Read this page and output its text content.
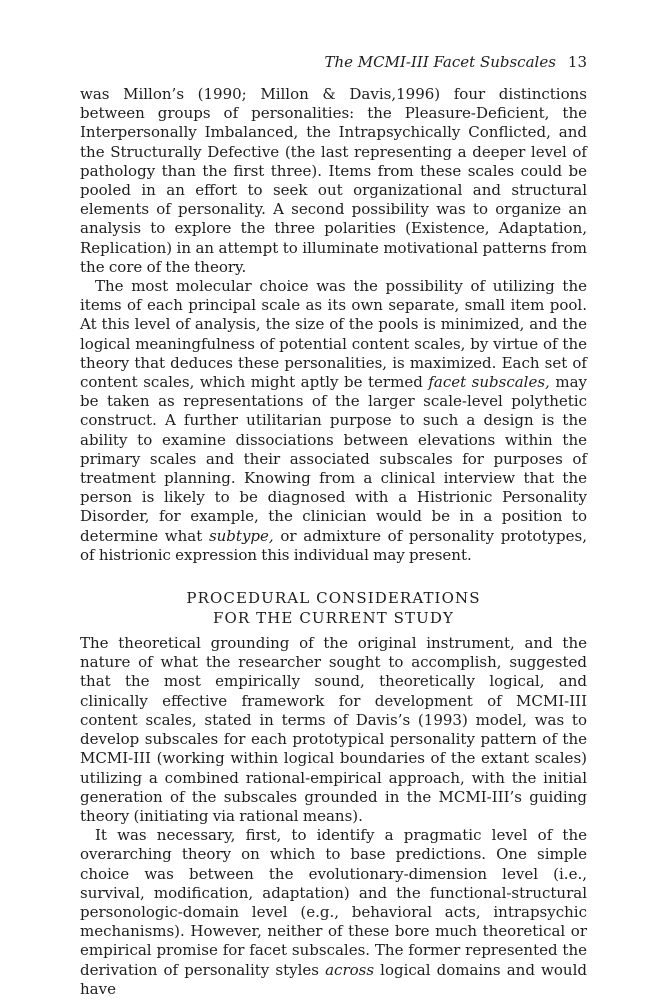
The MCMI-III Facet Subscales 13

was Millon’s (1990; Millon & Davis,1996) four distinctions between groups of personalities: the Pleasure-Deficient, the Interpersonally Imbalanced, the Intrapsychically Conflicted, and the Structurally Defective (the last representing a deeper level of pathology than the first three). Items from these scales could be pooled in an effort to seek out organizational and structural elements of personality. A second possibility was to organize an analysis to explore the three polarities (Existence, Adaptation, Replication) in an attempt to illuminate motivational patterns from the core of the theory.

The most molecular choice was the possibility of utilizing the items of each principal scale as its own separate, small item pool. At this level of analysis, the size of the pools is minimized, and the logical meaningfulness of potential content scales, by virtue of the theory that deduces these personalities, is maximized. Each set of content scales, which might aptly be termed facet subscales, may be taken as representations of the larger scale-level polythetic construct. A further utilitarian purpose to such a design is the ability to examine dissociations between elevations within the primary scales and their associated subscales for purposes of treatment planning. Knowing from a clinical interview that the person is likely to be diagnosed with a Histrionic Personality Disorder, for example, the clinician would be in a position to determine what subtype, or admixture of personality prototypes, of histrionic expression this individual may present.

PROCEDURAL CONSIDERATIONS
FOR THE CURRENT STUDY

The theoretical grounding of the original instrument, and the nature of what the researcher sought to accomplish, suggested that the most empirically sound, theoretically logical, and clinically effective framework for development of MCMI-III content scales, stated in terms of Davis’s (1993) model, was to develop subscales for each prototypical personality pattern of the MCMI-III (working within logical boundaries of the extant scales) utilizing a combined rational-empirical approach, with the initial generation of the subscales grounded in the MCMI-III’s guiding theory (initiating via rational means).

It was necessary, first, to identify a pragmatic level of the overarching theory on which to base predictions. One simple choice was between the evolutionary-dimension level (i.e., survival, modification, adaptation) and the functional-structural personologic-domain level (e.g., behavioral acts, intrapsychic mechanisms). However, neither of these bore much theoretical or empirical promise for facet subscales. The former represented the derivation of personality styles across logical domains and would have
